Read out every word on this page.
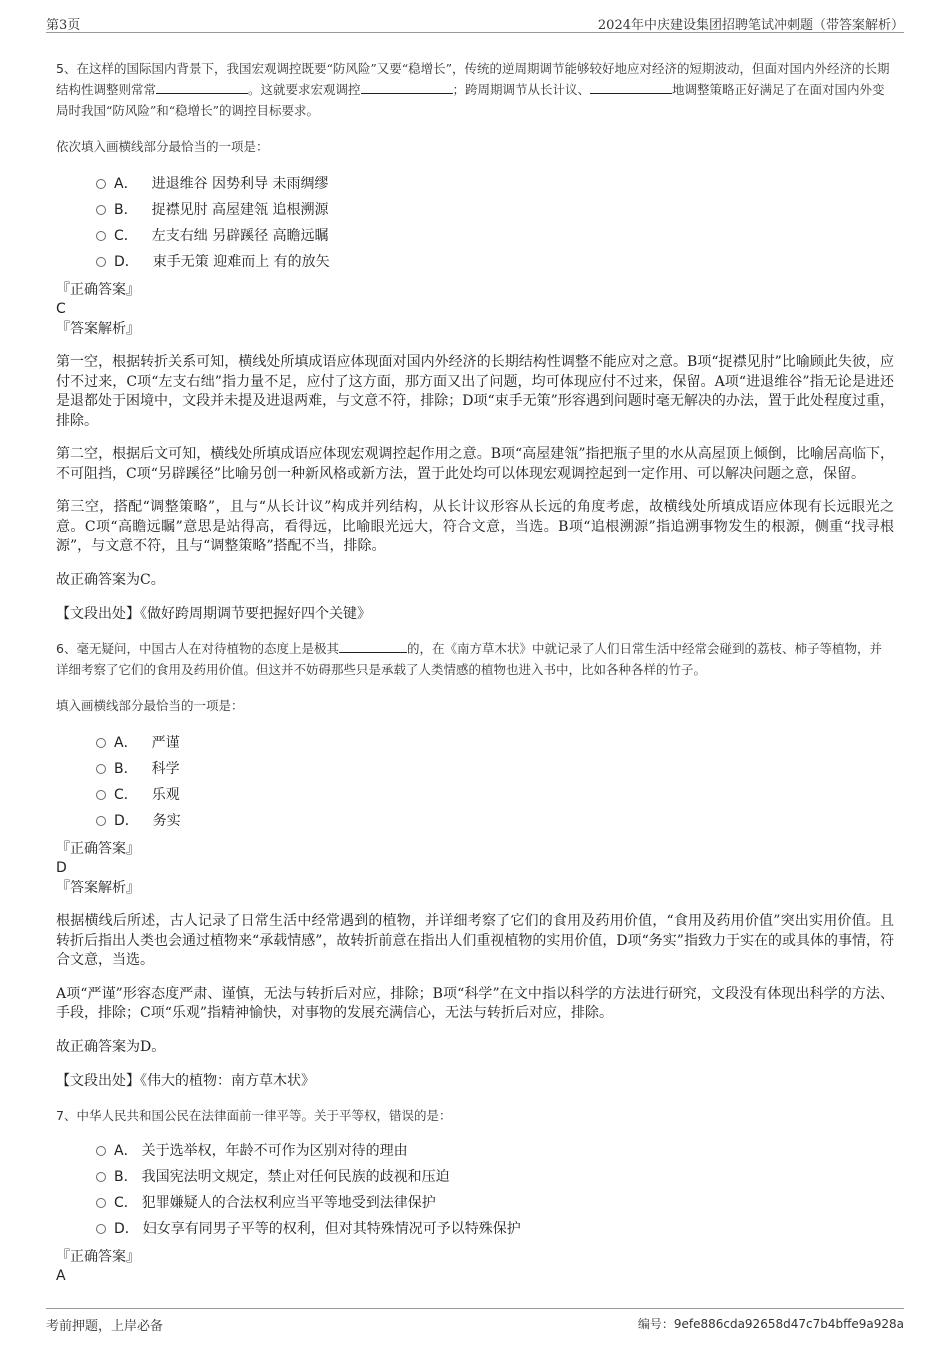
第3页	2024年中庆建设集团招聘笔试冲刺题（带答案解析）

5、在这样的国际国内背景下，我国宏观调控既要“防风险”又要“稳增长”，传统的逆周期调节能够较好地应对经济的短期波动，但面对国内外经济的长期结构性调整则常常	。这就要求宏观调控	；跨周期调节从长计议、	地调整策略正好满足了在面对国内外变局时我国“防风险”和“稳增长”的调控目标要求。

依次填入画横线部分最恰当的一项是：

A． 进退维谷 因势利导 未雨绸缪
B． 捉襟见肘 高屋建瓴 追根溯源
C． 左支右绌 另辟蹊径 高瞻远瞩
D． 束手无策 迎难而上 有的放矢

『正确答案』

C

『答案解析』

第一空，根据转折关系可知，横线处所填成语应体现面对国内外经济的长期结构性调整不能应对之意。B项“捉襟见肘”比喻顾此失彼，应付不过来，C项“左支右绌”指力量不足，应付了这方面，那方面又出了问题，均可体现应付不过来，保留。A项“进退维谷”指无论是进还是退都处于困境中，文段并未提及进退两难，与文意不符，排除；D项“束手无策”形容遇到问题时毫无解决的办法，置于此处程度过重，排除。

第二空，根据后文可知，横线处所填成语应体现宏观调控起作用之意。B项“高屋建瓴”指把瓶子里的水从高屋顶上倾倒，比喻居高临下，不可阻挡，C项“另辟蹊径”比喻另创一种新风格或新方法，置于此处均可以体现宏观调控起到一定作用、可以解决问题之意，保留。

第三空，搭配“调整策略”，且与“从长计议”构成并列结构，从长计议形容从长远的角度考虑，故横线处所填成语应体现有长远眼光之意。C项“高瞻远瞩”意思是站得高，看得远，比喻眼光远大，符合文意，当选。B项“追根溯源”指追溯事物发生的根源，侧重“找寻根源”，与文意不符，且与“调整策略”搭配不当，排除。

故正确答案为C。

【文段出处】《做好跨周期调节要把握好四个关键》

6、毫无疑问，中国古人在对待植物的态度上是极其	的，在《南方草木状》中就记录了人们日常生活中经常会碰到的荔枝、柿子等植物，并详细考察了它们的食用及药用价值。但这并不妨碍那些只是承载了人类情感的植物也进入书中，比如各种各样的竹子。

填入画横线部分最恰当的一项是：

A． 严谨
B． 科学
C． 乐观
D． 务实

『正确答案』

D

『答案解析』

根据横线后所述，古人记录了日常生活中经常遇到的植物，并详细考察了它们的食用及药用价值，“食用及药用价值”突出实用价值。且转折后指出人类也会通过植物来“承载情感”，故转折前意在指出人们重视植物的实用价值，D项“务实”指致力于实在的或具体的事情，符合文意，当选。

A项“严谨”形容态度严肃、谨慎，无法与转折后对应，排除；B项“科学”在文中指以科学的方法进行研究，文段没有体现出科学的方法、手段，排除；C项“乐观”指精神愉快，对事物的发展充满信心，无法与转折后对应，排除。

故正确答案为D。

【文段出处】《伟大的植物：南方草木状》

7、中华人民共和国公民在法律面前一律平等。关于平等权，错误的是：

A． 关于选举权，年龄不可作为区别对待的理由
B． 我国宪法明文规定，禁止对任何民族的歧视和压迫
C． 犯罪嫌疑人的合法权利应当平等地受到法律保护
D． 妇女享有同男子平等的权利，但对其特殊情况可予以特殊保护

『正确答案』

A

考前押题，上岸必备	编号：9efe886cda92658d47c7b4bffe9a928a
